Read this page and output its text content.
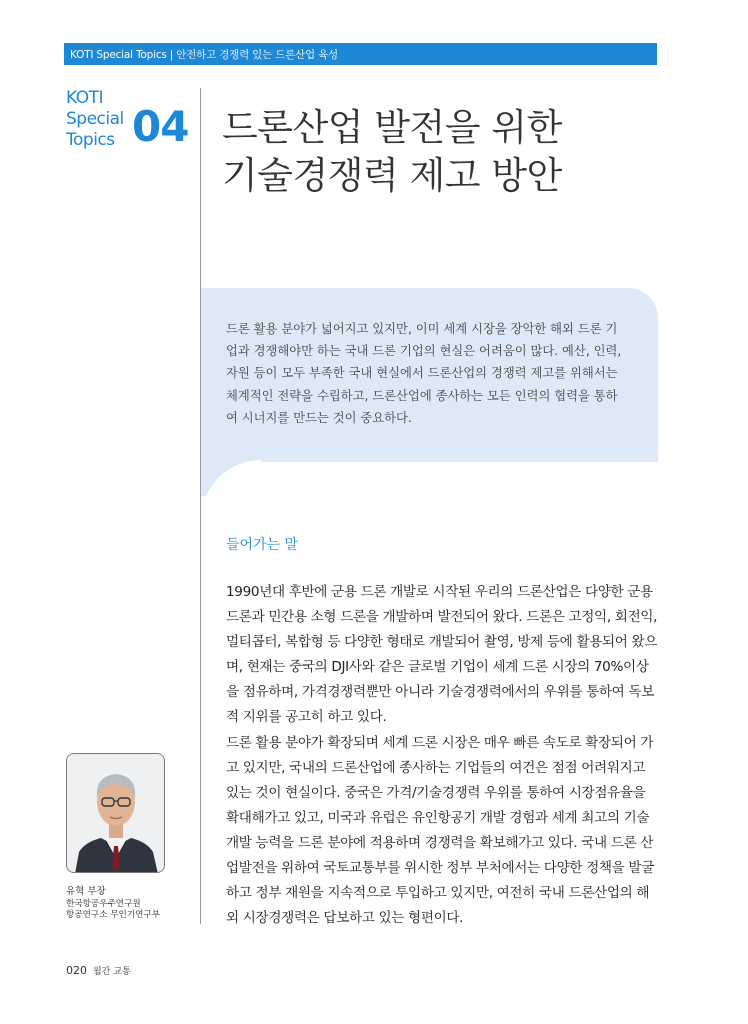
KOTI Special Topics | 안전하고 경쟁력 있는 드론산업 육성
KOTI
Special
Topics 04 드론산업 발전을 위한
기술경쟁력 제고 방안
드론 활용 분야가 넓어지고 있지만, 이미 세계 시장을 장악한 해외 드론 기
업과 경쟁해야만 하는 국내 드론 기업의 현실은 어려움이 많다. 예산, 인력,
자원 등이 모두 부족한 국내 현실에서 드론산업의 경쟁력 제고를 위해서는
체계적인 전략을 수립하고, 드론산업에 종사하는 모든 인력의 협력을 통하
여 시너지를 만드는 것이 중요하다.
들어가는 말
1990년대 후반에 군용 드론 개발로 시작된 우리의 드론산업은 다양한 군용
드론과 민간용 소형 드론을 개발하며 발전되어 왔다. 드론은 고정익, 회전익,
멀티콥터, 복합형 등 다양한 형태로 개발되어 촬영, 방제 등에 활용되어 왔으
며, 현재는 중국의 DJI사와 같은 글로벌 기업이 세계 드론 시장의 70%이상
을 점유하며, 가격경쟁력뿐만 아니라 기술경쟁력에서의 우위를 통하여 독보
적 지위를 공고히 하고 있다.
드론 활용 분야가 확장되며 세계 드론 시장은 매우 빠른 속도로 확장되어 가
고 있지만, 국내의 드론산업에 종사하는 기업들의 여건은 점점 어려워지고
있는 것이 현실이다. 중국은 가격/기술경쟁력 우위를 통하여 시장점유율을
확대해가고 있고, 미국과 유럽은 유인항공기 개발 경험과 세계 최고의 기술
개발 능력을 드론 분야에 적용하며 경쟁력을 확보해가고 있다. 국내 드론 산
업발전을 위하여 국토교통부를 위시한 정부 부처에서는 다양한 정책을 발굴
하고 정부 재원을 지속적으로 투입하고 있지만, 여전히 국내 드론산업의 해
외 시장경쟁력은 답보하고 있는 형편이다.
유혁 부장
한국항공우주연구원
항공연구소 무인기연구부
020 월간 교통
